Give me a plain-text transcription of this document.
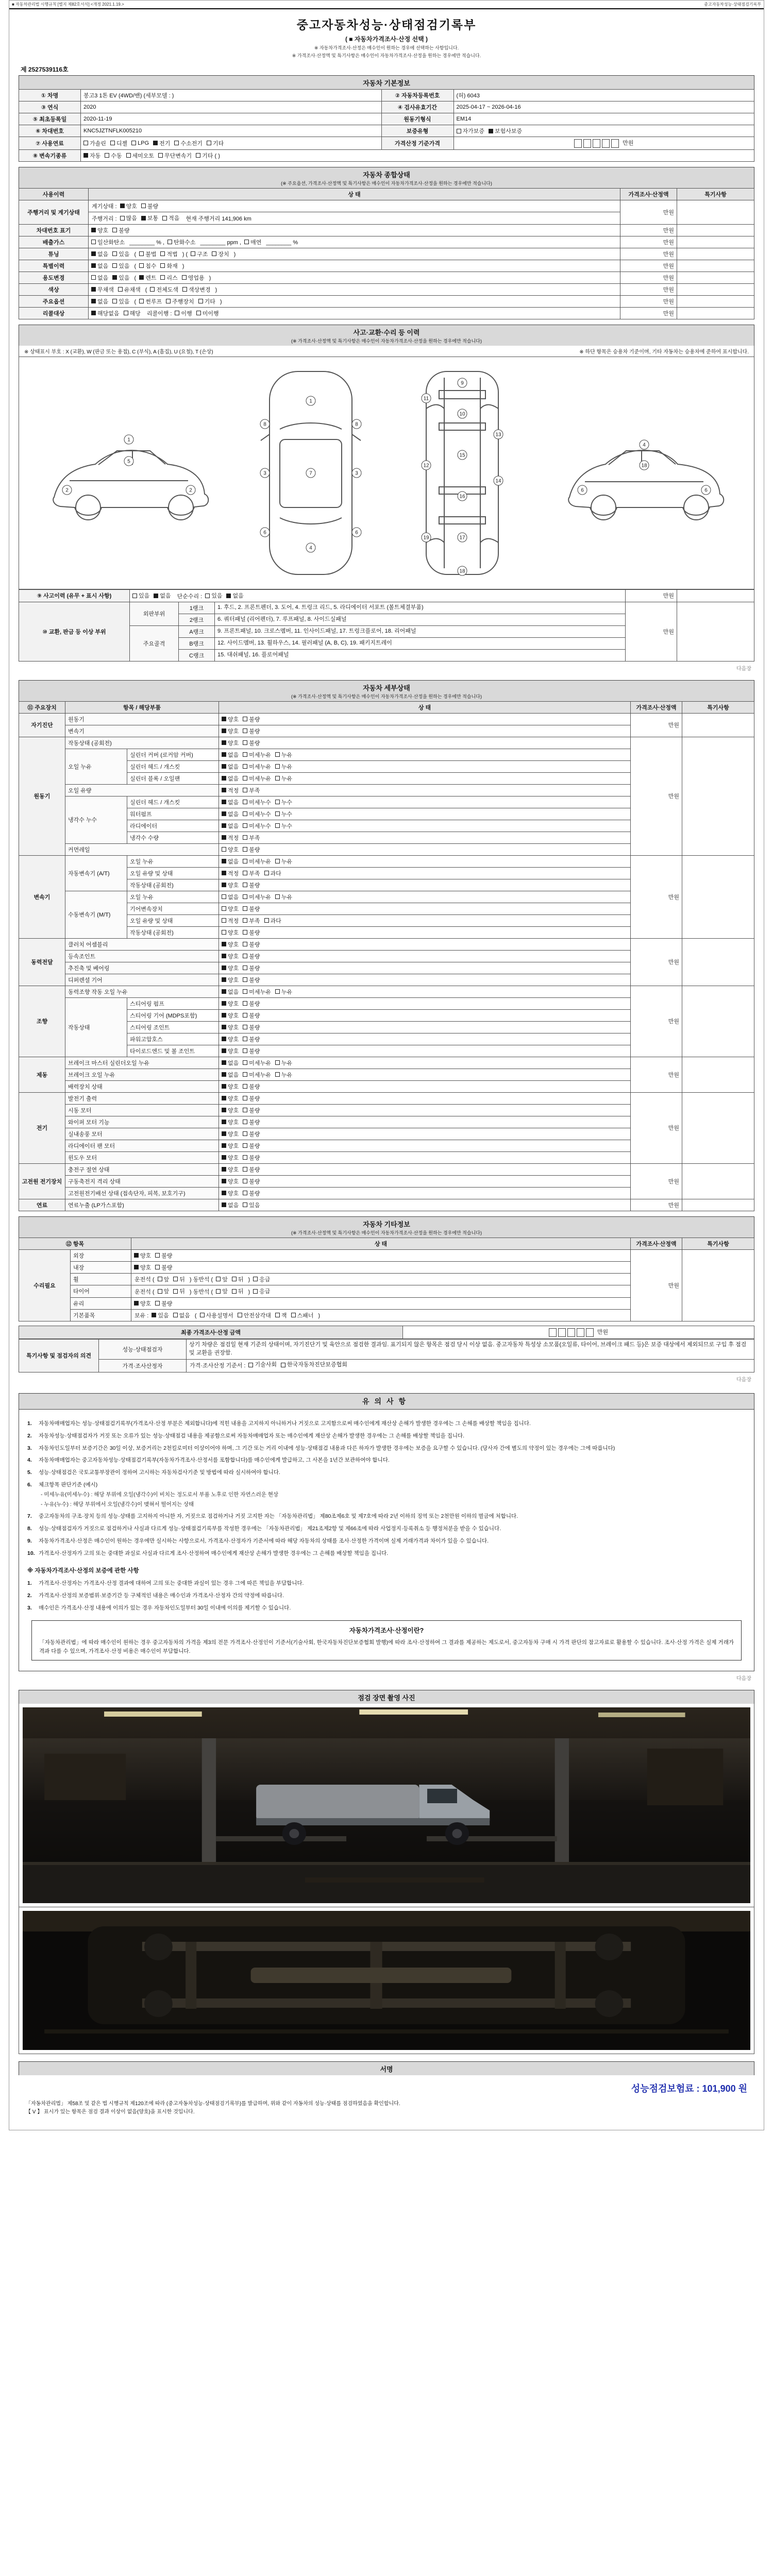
■ 자동차관리법 시행규칙 [별지 제82호서식] <개정 2021.1.19.>	중고자동차성능·상태점검기록부
중고자동차성능·상태점검기록부
( ■ 자동차가격조사·산정 선택 )
※ 자동차가격조사·산정은 매수인이 원하는 경우에 선택하는 사항입니다.
※ 가격조사·산정액 및 특기사항은 매수인이 자동차가격조사·산정을 원하는 경우에만 적습니다.
제 2527539116호
자동차 기본정보
① 차명	봉고3 1톤 EV (4WD/밴) (세부모델 : )	② 자동차등록번호	(허) 6043
③ 연식	2020	④ 검사유효기간	2025-04-17 ~ 2026-04-16
⑤ 최초등록일	2020-11-19	원동기형식	EM14
⑥ 차대번호	KNC5JZTNFLK005210	보증유형	자가보증 보험사보증

⑦ 사용연료	가솔린 디젤 LPG 전기 수소전기 기타	가격산정 기준가격	만원
⑧ 변속기종류	자동 수동 세미오토 무단변속기 기타 ( )		
자동차 종합상태
(※ 주요옵션, 가격조사·산정액 및 특기사항은 매수인이 자동차가격조사·산정을 원하는 경우에만 적습니다)
사용이력	상 태	가격조사·산정액	특기사항
주행거리 및 계기상태	계기상태 : 양호 불량	만원	
	주행거리 : 많음 보통 적음 현재 주행거리 141,906 km		
차대번호 표기	양호 불량	만원	
배출가스	일산화탄소 ________ % , 탄화수소 ________ ppm , 매연 ________ %	만원	
튜닝	없음 있음 ( 불법 적법 ) ( 구조 장치 )	만원	
특별이력	없음 있음 ( 침수 화재 )	만원	
용도변경	없음 있음 ( 렌트 리스 영업용 )	만원	
색상	무채색 유채색 ( 전체도색 색상변경 )	만원	
주요옵션	없음 있음 ( 썬루프 주행장치 기타 )	만원	
리콜대상	해당없음 해당 리콜이행 : 이행 미이행	만원	
사고·교환·수리 등 이력
(※ 가격조사·산정액 및 특기사항은 매수인이 자동차가격조사·산정을 원하는 경우에만 적습니다)
※ 상태표시 부호 : X (교환), W (판금 또는 용접), C (부식), A (흠집), U (요철), T (손상)	※ 하단 항목은 승용차 기준이며, 기타 자동차는 승용차에 준하여 표시합니다.
1
2	2
5
1
7
4
3	3
6	6
8	8
9
10
11
12
13
14
15
16
17
19
18
4
6	6
18
⑨ 사고이력 (유무 + 표시 사항)	있음 없음 단순수리 : 있음 없음			만원	
⑩ 교환, 판금 등 이상 부위	외판부위	1랭크	1. 후드, 2. 프론트펜더, 3. 도어, 4. 트렁크 리드, 5. 라디에이터 서포트 (볼트체결부품)	만원	
		2랭크	6. 쿼터패널 (리어펜더), 7. 루프패널, 8. 사이드실패널		
	주요골격	A랭크	9. 프론트패널, 10. 크로스멤버, 11. 인사이드패널, 17. 트렁크플로어, 18. 리어패널		
		B랭크	12. 사이드멤버, 13. 휠하우스, 14. 필러패널 (A, B, C), 19. 패키지트레이		
		C랭크	15. 대쉬패널, 16. 플로어패널		
다음장
자동차 세부상태
(※ 가격조사·산정액 및 특기사항은 매수인이 자동차가격조사·산정을 원하는 경우에만 적습니다)
⑪ 주요장치	항목 / 해당부품		상 태	가격조사·산정액	특기사항
자기진단	원동기		양호 불량	만원	
	변속기		양호 불량		

원동기	작동상태 (공회전)		양호 불량	만원	
	오일 누유	실린더 커버 (로커암 커버)	없음 미세누유 누유		

		실린더 헤드 / 개스킷	없음 미세누유 누유		

		실린더 블록 / 오일팬	없음 미세누유 누유		

	오일 유량		적정 부족		

	냉각수 누수	실린더 헤드 / 개스킷	없음 미세누수 누수		

		워터펌프	없음 미세누수 누수		

		라디에이터	없음 미세누수 누수		

		냉각수 수량	적정 부족		

	커먼레일		양호 불량		

변속기	자동변속기 (A/T)	오일 누유	없음 미세누유 누유	만원	
		오일 유량 및 상태	적정 부족 과다		

		작동상태 (공회전)	양호 불량		

	수동변속기 (M/T)	오일 누유	없음 미세누유 누유		

		기어변속장치	양호 불량		

		오일 유량 및 상태	적정 부족 과다		

		작동상태 (공회전)	양호 불량		

동력전달	클러치 어셈블리		양호 불량	만원	
	등속조인트		양호 불량		

	추진축 및 베어링		양호 불량		

	디퍼렌셜 기어		양호 불량		

조향	동력조향 작동 오일 누유		없음 미세누유 누유	만원	
	작동상태	스티어링 펌프	양호 불량		

		스티어링 기어 (MDPS포함)	양호 불량		

		스티어링 조인트	양호 불량		

		파워고압호스	양호 불량		

		타이로드엔드 및 볼 조인트	양호 불량		

제동	브레이크 마스터 실린더오일 누유		없음 미세누유 누유	만원	
	브레이크 오일 누유		없음 미세누유 누유		

	배력장치 상태		양호 불량		

전기	발전기 출력		양호 불량	만원	
	시동 모터		양호 불량		

	와이퍼 모터 기능		양호 불량		

	실내송풍 모터		양호 불량		

	라디에이터 팬 모터		양호 불량		

	윈도우 모터		양호 불량		

고전원 전기장치	충전구 절연 상태		양호 불량	만원	
	구동축전지 격리 상태		양호 불량		

	고전원전기배선 상태 (접속단자, 피복, 보호기구)		양호 불량		

연료	연료누출 (LP가스포함)		없음 있음	만원	
자동차 기타정보
(※ 가격조사·산정액 및 특기사항은 매수인이 자동차가격조사·산정을 원하는 경우에만 적습니다)
⑫ 항목		상 태	가격조사·산정액	특기사항
수리필요	외장	양호 불량	만원	
	내장	양호 불량		

휠	운전석 ( 앞 뒤 ) 동반석 ( 앞 뒤 ) 응급

타이어	운전석 ( 앞 뒤 ) 동반석 ( 앞 뒤 ) 응급

	유리	양호 불량		

기본품목	보유 : 있음 없음 ( 사용설명서 안전삼각대 잭 스패너 )
최종 가격조사·산정 금액	만원
특기사항 및 점검자의 의견	성능·상태점검자	상기 차량은 점검일 현재 기준의 상태이며, 자기진단기 및 육안으로 점검한 결과임. 표기되지 않은 항목은 점검 당시 이상 없음. 중고자동차 특성상 소모품(오일류, 타이어, 브레이크 패드 등)은 보증 대상에서 제외되므로 구입 후 점검 및 교환을 권장함.
	가격·조사산정자	가격·조사산정 기준서 : 기술사회 한국자동차진단보증협회
다음장
유의사항
1.	자동차매매업자는 성능·상태점검기록부(가격조사·산정 부분은 제외합니다)에 적힌 내용을 고지하지 아니하거나 거짓으로 고지함으로써 매수인에게 재산상 손해가 발생한 경우에는 그 손해를 배상할 책임을 집니다.
2.	자동차성능·상태점검자가 거짓 또는 오류가 있는 성능·상태점검 내용을 제공함으로써 자동차매매업자 또는 매수인에게 재산상 손해가 발생한 경우에는 그 손해를 배상할 책임을 집니다.
3.	자동차인도일부터 보증기간은 30일 이상, 보증거리는 2천킬로미터 이상이어야 하며, 그 기간 또는 거리 이내에 성능·상태점검 내용과 다른 하자가 발생한 경우에는 보증을 요구할 수 있습니다. (당사자 간에 별도의 약정이 있는 경우에는 그에 따릅니다)
4.	자동차매매업자는 중고자동차성능·상태점검기록부(자동차가격조사·산정서를 포함합니다)를 매수인에게 발급하고, 그 사본을 1년간 보관하여야 합니다.
5.	성능·상태점검은 국토교통부장관이 정하여 고시하는 자동차검사기준 및 방법에 따라 실시하여야 합니다.
6.	체크항목 판단기준 (예시)
- 미세누유(미세누수) : 해당 부위에 오일(냉각수)이 비치는 정도로서 부품 노후로 인한 자연스러운 현상
- 누유(누수) : 해당 부위에서 오일(냉각수)이 맺혀서 떨어지는 상태
7.	중고자동차의 구조·장치 등의 성능·상태를 고지하지 아니한 자, 거짓으로 점검하거나 거짓 고지한 자는 「자동차관리법」 제80조제6호 및 제7호에 따라 2년 이하의 징역 또는 2천만원 이하의 벌금에 처합니다.
8.	성능·상태점검자가 거짓으로 점검하거나 사실과 다르게 성능·상태점검기록부를 작성한 경우에는 「자동차관리법」 제21조제2항 및 제66조에 따라 사업정지·등록취소 등 행정처분을 받을 수 있습니다.
9.	자동차가격조사·산정은 매수인이 원하는 경우에만 실시하는 사항으로서, 가격조사·산정자가 기준서에 따라 해당 자동차의 상태를 조사·산정한 가격이며 실제 거래가격과 차이가 있을 수 있습니다.
10. 가격조사·산정자가 고의 또는 중대한 과실로 사실과 다르게 조사·산정하여 매수인에게 재산상 손해가 발생한 경우에는 그 손해를 배상할 책임을 집니다.
※ 자동차가격조사·산정의 보증에 관한 사항
1.	가격조사·산정자는 가격조사·산정 결과에 대하여 고의 또는 중대한 과실이 있는 경우 그에 따른 책임을 부담합니다.
2.	가격조사·산정의 보증범위·보증기간 등 구체적인 내용은 매수인과 가격조사·산정자 간의 약정에 따릅니다.
3.	매수인은 가격조사·산정 내용에 이의가 있는 경우 자동차인도일부터 30일 이내에 이의를 제기할 수 있습니다.
자동차가격조사·산정이란?
「자동차관리법」에 따라 매수인이 원하는 경우 중고자동차의 가격을 제3의 전문 가격조사·산정인이 기준서(기술사회, 한국자동차진단보증협회 발행)에 따라 조사·산정하여 그 결과를 제공하는 제도로서, 중고자동차 구매 시 가격 판단의 참고자료로 활용할 수 있습니다. 조사·산정 가격은 실제 거래가격과 다를 수 있으며, 가격조사·산정 비용은 매수인이 부담합니다.
다음장
점검 장면 촬영 사진
서명
성능점검보험료 : 101,900 원
「자동차관리법」 제58조 및 같은 법 시행규칙 제120조에 따라 (중고자동차성능·상태점검기록부)를 발급하며, 위와 같이 자동차의 성능·상태를 점검하였음을 확인합니다.
【 V 】 표시가 있는 항목은 점검 결과 이상이 없음(양호)을 표시한 것입니다.
